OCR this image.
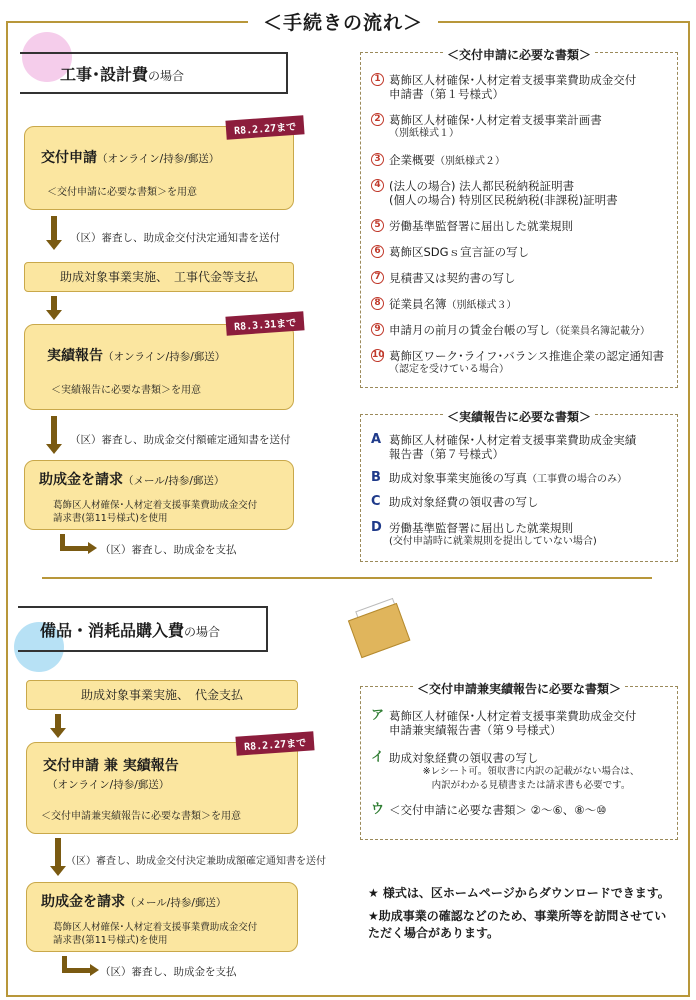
＜手続きの流れ＞
工事･設計費の場合
交付申請（オンライン/持参/郵送）
＜交付申請に必要な書類＞を用意
R8.2.27まで
（区）審査し、助成金交付決定通知書を送付
助成対象事業実施、　工事代金等支払
実績報告（オンライン/持参/郵送）
＜実績報告に必要な書類＞を用意
R8.3.31まで
（区）審査し、助成金交付額確定通知書を送付
助成金を請求（メール/持参/郵送）
葛飾区人材確保･人材定着支援事業費助成金交付
請求書(第11号様式)を使用
（区）審査し、助成金を支払
＜交付申請に必要な書類＞
1 葛飾区人材確保･人材定着支援事業費助成金交付
申請書（第１号様式）
2 葛飾区人材確保･人材定着支援事業計画書
（別紙様式１）
3 企業概要（別紙様式２）
4 (法人の場合) 法人都民税納税証明書
(個人の場合) 特別区民税納税(非課税)証明書
5 労働基準監督署に届出した就業規則
6 葛飾区SDGｓ宣言証の写し
7 見積書又は契約書の写し
8 従業員名簿（別紙様式３）
9 申請月の前月の賃金台帳の写し（従業員名簿記載分）
10 葛飾区ワーク･ライフ･バランス推進企業の認定通知書
（認定を受けている場合）
＜実績報告に必要な書類＞
A 葛飾区人材確保･人材定着支援事業費助成金実績
報告書（第７号様式）
B 助成対象事業実施後の写真（工事費の場合のみ）
C 助成対象経費の領収書の写し
D 労働基準監督署に届出した就業規則
(交付申請時に就業規則を提出していない場合)
備品・消耗品購入費の場合
助成対象事業実施、　代金支払
交付申請 兼 実績報告
（オンライン/持参/郵送）
＜交付申請兼実績報告に必要な書類＞を用意
R8.2.27まで
（区）審査し、助成金交付決定兼助成額確定通知書を送付
助成金を請求（メール/持参/郵送）
葛飾区人材確保･人材定着支援事業費助成金交付
請求書(第11号様式)を使用
（区）審査し、助成金を支払
＜交付申請兼実績報告に必要な書類＞
ア 葛飾区人材確保･人材定着支援事業費助成金交付
申請兼実績報告書（第９号様式）
イ 助成対象経費の領収書の写し
※レシート可。領収書に内訳の記載がない場合は、
内訳がわかる見積書または請求書も必要です。
ウ ＜交付申請に必要な書類＞ ②～⑥、⑧～⑩

★ 様式は、区ホームページからダウンロードできます。

★助成事業の確認などのため、事業所等を訪問させていただく場合があります。
